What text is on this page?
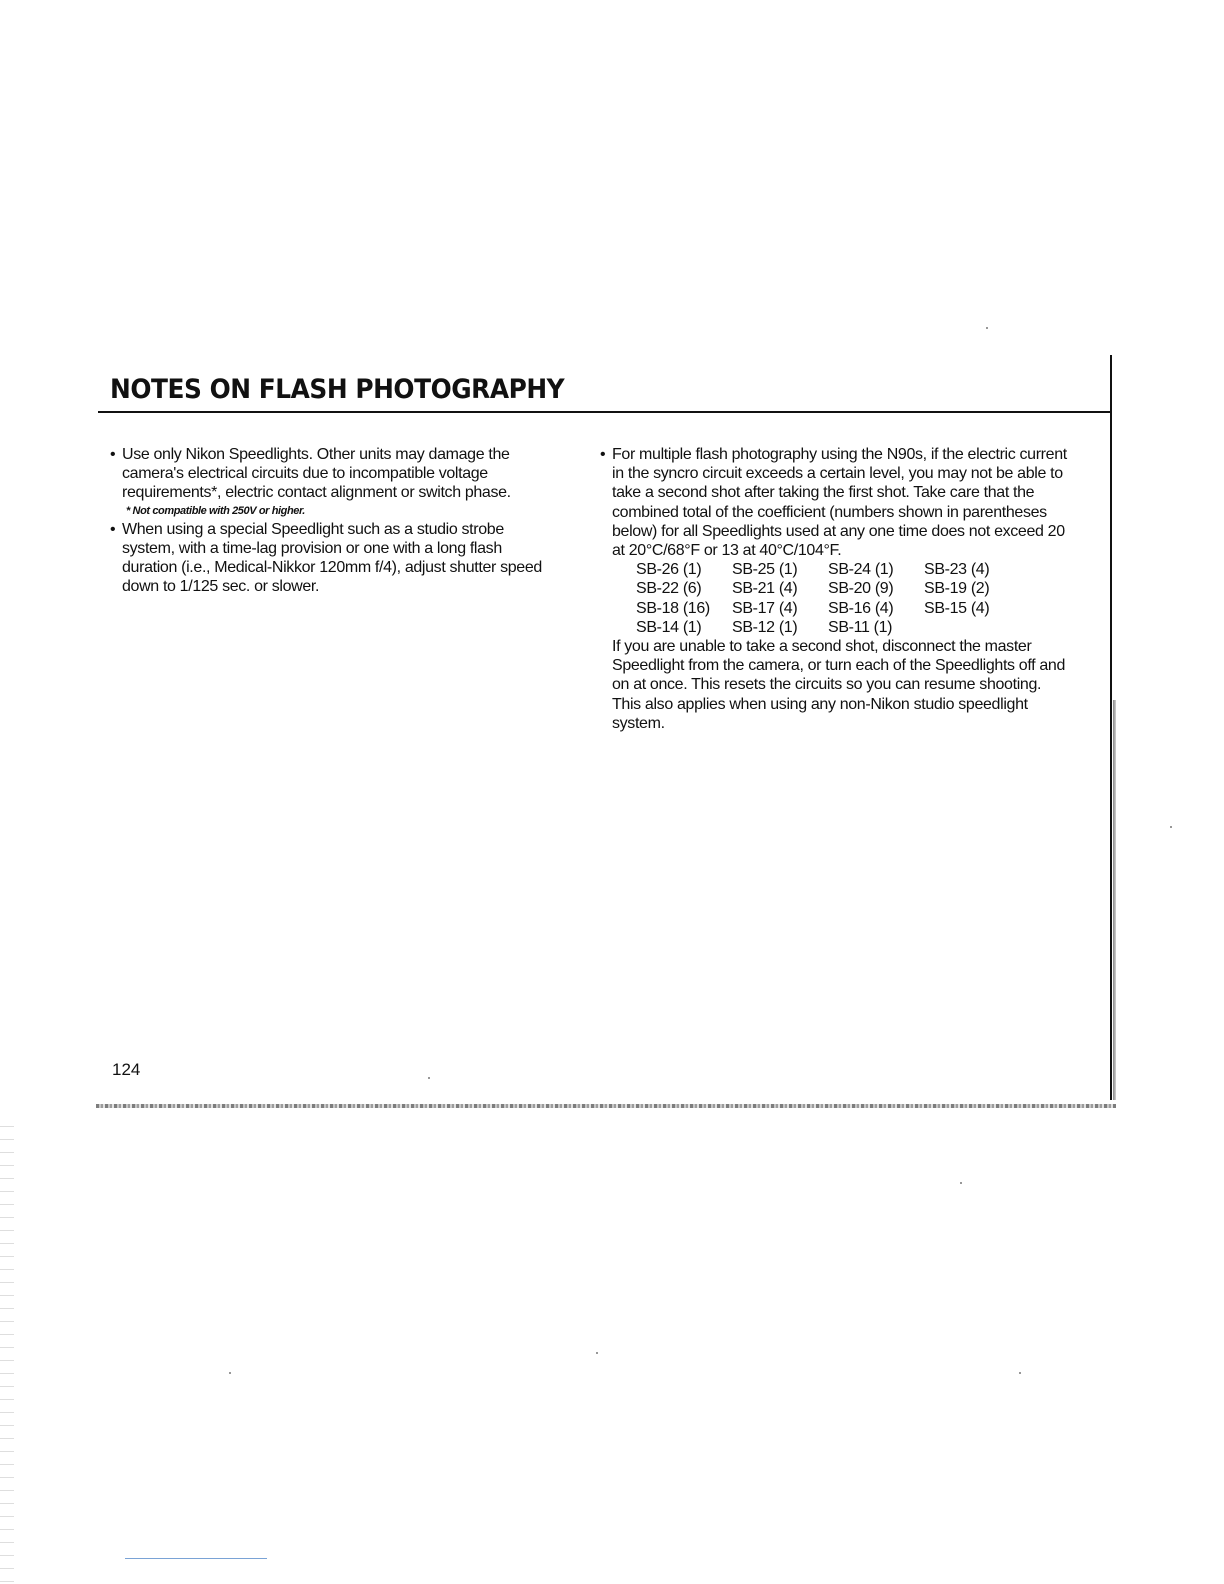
NOTES ON FLASH PHOTOGRAPHY

• Use only Nikon Speedlights. Other units may damage the camera's electrical circuits due to incompatible voltage requirements*, electric contact alignment or switch phase.

* Not compatible with 250V or higher.

• When using a special Speedlight such as a studio strobe system, with a time-lag provision or one with a long flash duration (i.e., Medical-Nikkor 120mm f/4), adjust shutter speed down to 1/125 sec. or slower.

• For multiple flash photography using the N90s, if the electric current in the syncro circuit exceeds a certain level, you may not be able to take a second shot after taking the first shot. Take care that the combined total of the coefficient (numbers shown in parentheses below) for all Speedlights used at any one time does not exceed 20 at 20°C/68°F or 13 at 40°C/104°F.

SB-26 (1)	SB-25 (1)	SB-24 (1)	SB-23 (4)
SB-22 (6)	SB-21 (4)	SB-20 (9)	SB-19 (2)
SB-18 (16)	SB-17 (4)	SB-16 (4)	SB-15 (4)
SB-14 (1)	SB-12 (1)	SB-11 (1)

If you are unable to take a second shot, disconnect the master Speedlight from the camera, or turn each of the Speedlights off and on at once. This resets the circuits so you can resume shooting.

This also applies when using any non-Nikon studio speedlight system.

124
